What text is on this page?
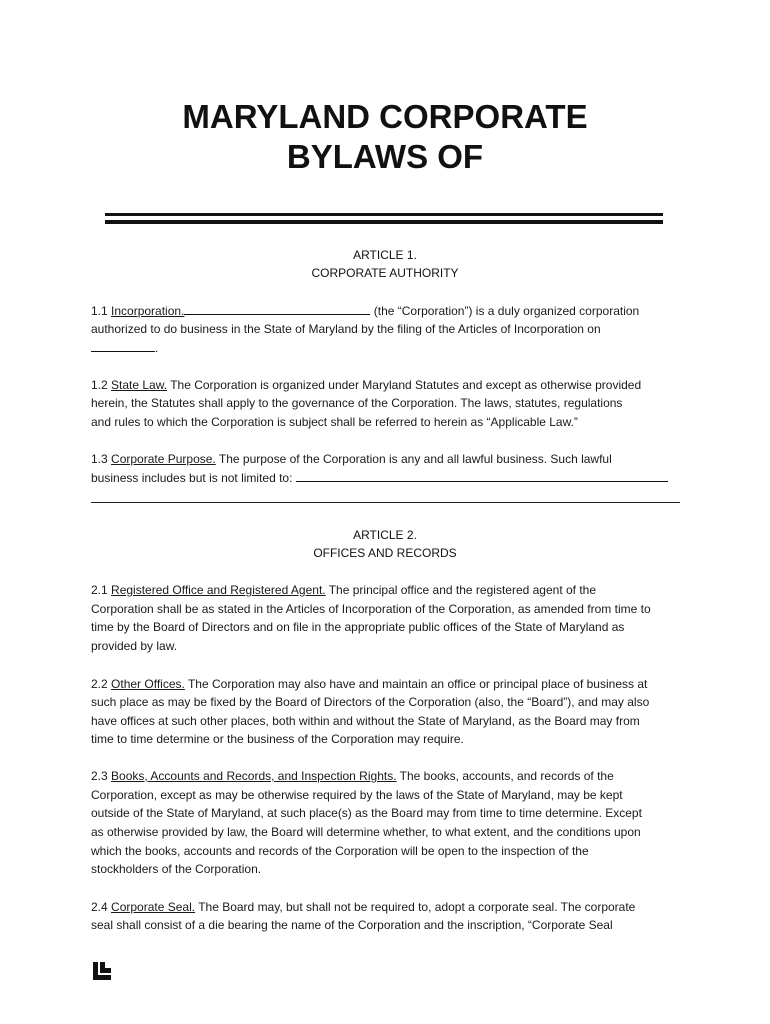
MARYLAND CORPORATE
BYLAWS OF
ARTICLE 1.
CORPORATE AUTHORITY
1.1 Incorporation.	(the “Corporation”) is a duly organized corporation
authorized to do business in the State of Maryland by the filing of the Articles of Incorporation on
.
1.2 State Law. The Corporation is organized under Maryland Statutes and except as otherwise provided
herein, the Statutes shall apply to the governance of the Corporation. The laws, statutes, regulations
and rules to which the Corporation is subject shall be referred to herein as “Applicable Law.”
1.3 Corporate Purpose. The purpose of the Corporation is any and all lawful business. Such lawful
business includes but is not limited to:
ARTICLE 2.
OFFICES AND RECORDS
2.1 Registered Office and Registered Agent. The principal office and the registered agent of the
Corporation shall be as stated in the Articles of Incorporation of the Corporation, as amended from time to
time by the Board of Directors and on file in the appropriate public offices of the State of Maryland as
provided by law.
2.2 Other Offices. The Corporation may also have and maintain an office or principal place of business at
such place as may be fixed by the Board of Directors of the Corporation (also, the “Board”), and may also
have offices at such other places, both within and without the State of Maryland, as the Board may from
time to time determine or the business of the Corporation may require.
2.3 Books, Accounts and Records, and Inspection Rights. The books, accounts, and records of the
Corporation, except as may be otherwise required by the laws of the State of Maryland, may be kept
outside of the State of Maryland, at such place(s) as the Board may from time to time determine. Except
as otherwise provided by law, the Board will determine whether, to what extent, and the conditions upon
which the books, accounts and records of the Corporation will be open to the inspection of the
stockholders of the Corporation.
2.4 Corporate Seal. The Board may, but shall not be required to, adopt a corporate seal. The corporate
seal shall consist of a die bearing the name of the Corporation and the inscription, “Corporate Seal
